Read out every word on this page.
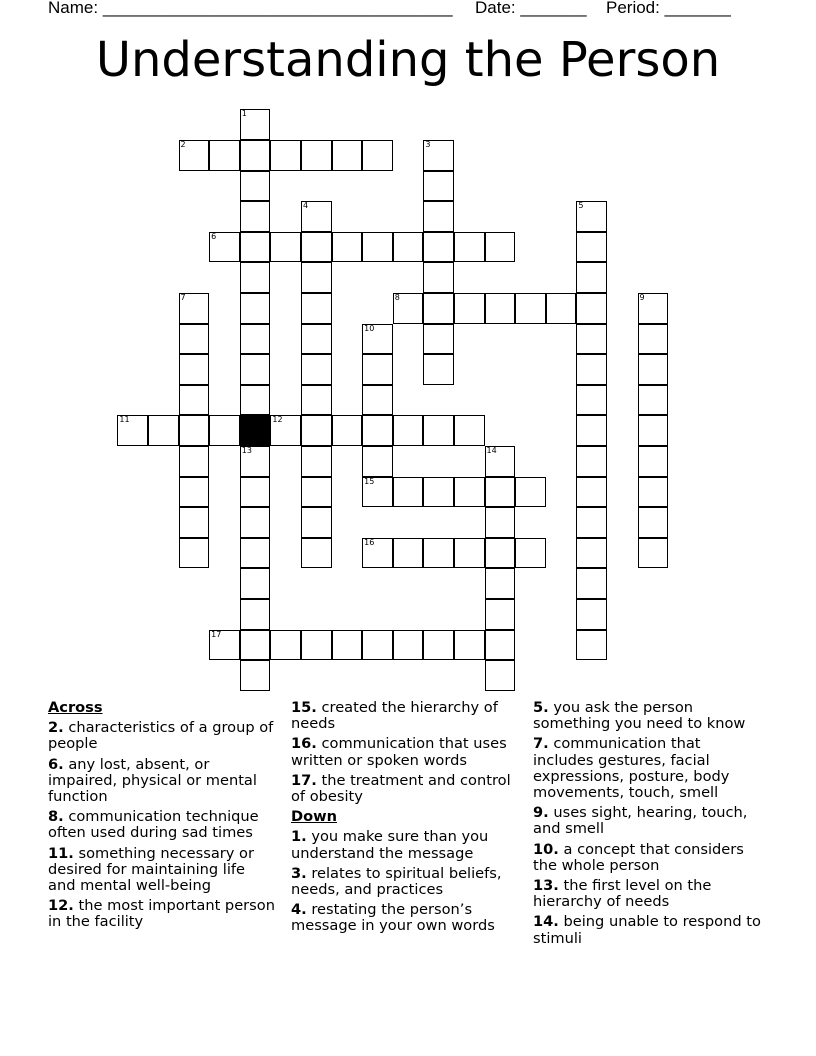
Name: _____________________________________ Date: _______ Period: _______
Understanding the Person
1
13
2	3
4	5
6
7	8	9
10
15
11	12
14
16
17
Across
2. characteristics of a group of people
6. any lost, absent, or impaired, physical or mental function
8. communication technique often used during sad times
11. something necessary or desired for maintaining life and mental well-being
12. the most important person in the facility
15. created the hierarchy of needs
16. communication that uses written or spoken words
17. the treatment and control of obesity
Down
1. you make sure than you understand the message
3. relates to spiritual beliefs, needs, and practices
4. restating the person’s message in your own words
5. you ask the person something you need to know
7. communication that includes gestures, facial expressions, posture, body movements, touch, smell
9. uses sight, hearing, touch, and smell
10. a concept that considers the whole person
13. the first level on the hierarchy of needs
14. being unable to respond to stimuli
